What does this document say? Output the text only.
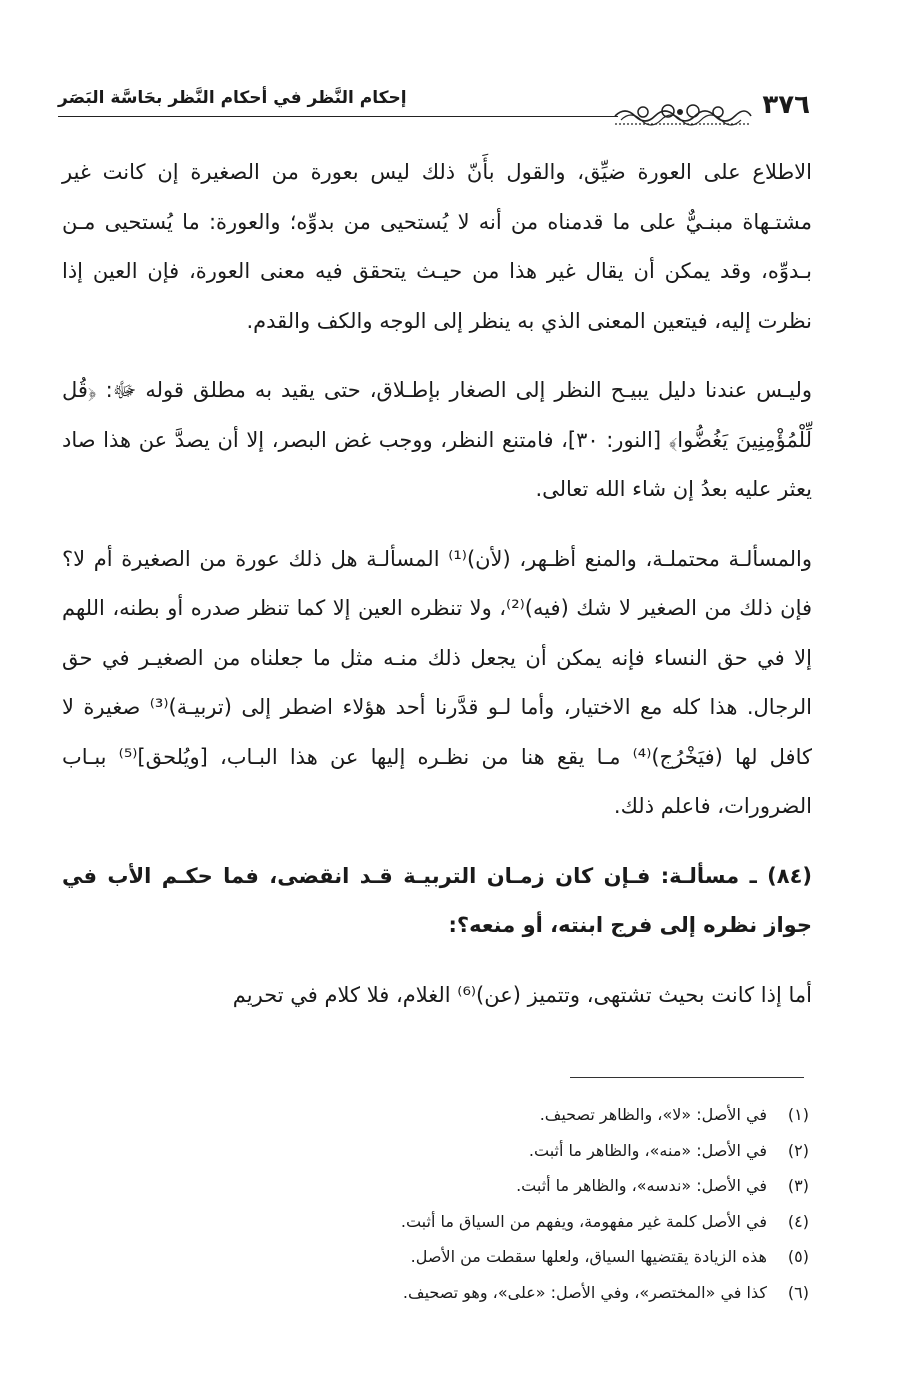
إحكام النَّظر في أحكام النَّظر بحَاسَّة البَصَر	٣٧٦

الاطلاع على العورة ضيِّق، والقول بأَنّ ذلك ليس بعورة من الصغيرة إن كانت غير مشتـهاة مبنـيٌّ على ما قدمناه من أنه لا يُستحيى من بدوِّه؛ والعورة: ما يُستحيى مـن بـدوِّه، وقد يمكن أن يقال غير هذا من حيـث يتحقق فيه معنى العورة، فإن العين إذا نظرت إليه، فيتعين المعنى الذي به ينظر إلى الوجه والكف والقدم.

وليـس عندنا دليل يبيـح النظر إلى الصغار بإطـلاق، حتى يقيد به مطلق قوله ﷻ: ﴿قُل لِّلْمُؤْمِنِينَ يَغُضُّوا﴾ [النور: ٣٠]، فامتنع النظر، ووجب غض البصر، إلا أن يصدَّ عن هذا صاد يعثر عليه بعدُ إن شاء الله تعالى.

والمسألـة محتملـة، والمنع أظـهر، (لأن)⁽¹⁾ المسألـة هل ذلك عورة من الصغيرة أم لا؟ فإن ذلك من الصغير لا شك (فيه)⁽²⁾، ولا تنظره العين إلا كما تنظر صدره أو بطنه، اللهم إلا في حق النساء فإنه يمكن أن يجعل ذلك منـه مثل ما جعلناه من الصغيـر في حق الرجال. هذا كله مع الاختيار، وأما لـو قدَّرنا أحد هؤلاء اضطر إلى (تربيـة)⁽³⁾ صغيرة لا كافل لها (فيَخْرُج)⁽⁴⁾ مـا يقع هنا من نظـره إليها عن هذا البـاب، [ويُلحق]⁽⁵⁾ ببـاب الضرورات، فاعلم ذلك.

(٨٤) ـ مسألـة: فـإن كان زمـان التربيـة قـد انقضى، فما حكـم الأب في جواز نظره إلى فرج ابنته، أو منعه؟:

أما إذا كانت بحيث تشتهى، وتتميز (عن)⁽⁶⁾ الغلام، فلا كلام في تحريم

(١)في الأصل: «لا»، والظاهر تصحيف.
(٢)في الأصل: «منه»، والظاهر ما أثبت.
(٣)في الأصل: «ندسه»، والظاهر ما أثبت.
(٤)في الأصل كلمة غير مفهومة، ويفهم من السياق ما أثبت.
(٥)هذه الزيادة يقتضيها السياق، ولعلها سقطت من الأصل.
(٦)كذا في «المختصر»، وفي الأصل: «على»، وهو تصحيف.
